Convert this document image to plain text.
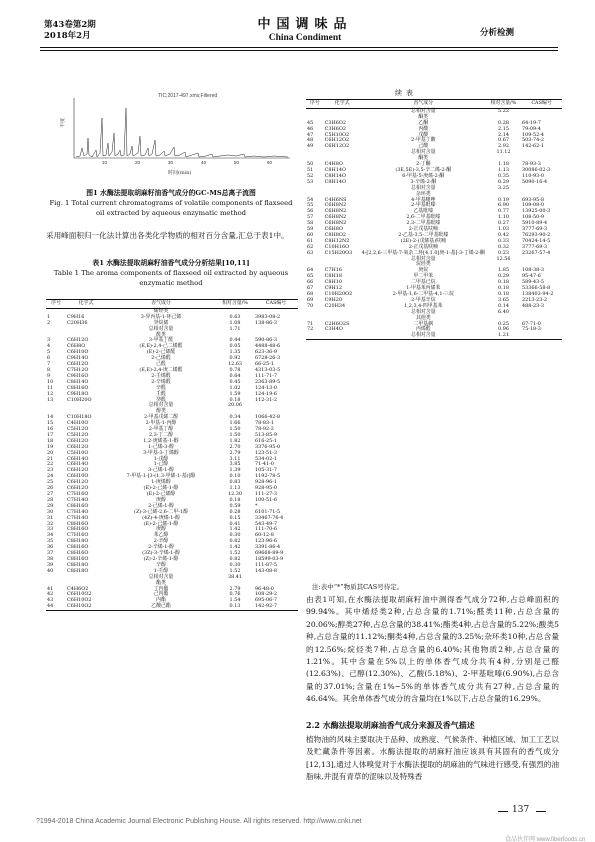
第43卷第2期
2018年2月
中国调味品
China Condiment	分析检测
TIC;2017-497.xms;Filtered
丰度
10	20	30	40	50	60
时间(min)
图1 水酶法提取胡麻籽油香气成分的GC-MS总离子流图
Fig. 1 Total current chromatograms of volatile components of flaxseed oil extracted by aqueous enzymatic method
采用峰面积归一化法计算出各类化学物质的相对百分含量,汇总于表1中。
表1 水酶法提取胡麻籽油香气成分分析结果[10,11]
Table 1 The aroma components of flaxseed oil extracted by aqueous enzymatic method
序号	化学式	香气成分	相对含量/%	CAS编号
		烯烃类		
1	C9H16	3-异丙基-1-环己烯	0.63	3983-08-2
2	C20H36	癸烷烯	1.08	138-86-3
		总相对含量	1.71	
		醛类		
3	C6H12O	3-甲基丁醛	0.44	590-86-3
4	C6H8O	(E,E)-2,4-己二烯醛	0.05	4488-48-6
5	C6H10O	(E)-2-己烯醛	1.35	623-36-9
6	C9H14O	2-己烯醛	0.92	6728-26-3
7	C6H12O	己醛	12.63	66-25-1
8	C7H12O	(E,E)-2,4-庚二烯醛	0.78	4313-03-5
9	C9H16O	2-壬烯醛	0.64	111-71-7
10	C8H14O	2-辛烯醛	0.45	2363-89-5
11	C8H16O	辛醛	1.02	124-13-0
12	C9H18O	壬醛	1.59	124-19-6
13	C10H20O	癸醛	0.18	112-31-2
		总相对含量	20.06	
		醇类		
14	C10H18O	2-甲基戊烯二醇	0.34	1066-42-8
15	C4H10O	2-甲基-1-丙醇	1.66	78-83-1
16	C5H12O	2-甲基丁醇	1.50	78-92-2
17	C5H12O	2,3-丁二醇	1.50	513-85-9
18	C6H12O	1,2-庚烯基-1-醇	1.82	616-25-1
19	C6H12O	1-己烯-3-醇	2.70	3376-95-0
20	C5H10O	3-甲基-3-丁烯醇	2.79	123-51-3
21	C6H14O	1-戊醇	3.11	534-02-1
22	C6H14O	1-己醇	3.85	71-41-0
23	C6H12O	3-己烯-1-醇	1.39	105-31-7
24	C6H10O	7-甲基-1-[3-(1,3-甲烯-1-基)]醇	0.10	1192-78-5
25	C6H12O	1-庚烯醇	0.83	928-96-1
26	C6H12O	(E)-2-己烯-1-醇	1.13	928-95-0
27	C7H16O	(E)-2-己烯醇	12.30	111-27-3
28	C7H14O	庚醇	0.18	100-51-6
29	C8H16O	2-己烯-1-醇	0.59	*
30	C7H14O	(Z)-3-己烯-2,6-二甲-1醇	0.28	6101-71-5
31	C7H14O	(4Z)-4-庚烯-1-醇	0.15	33467-76-4
32	C8H16O	(E)-2-己烯-1-醇	0.41	543-49-7
33	C8H16O	庚醇	1.42	111-70-6
34	C7H16O	苯乙醇	0.30	60-12-8
35	C8H18O	2-辛醇	0.82	123-96-6
36	C8H16O	2-辛烯-1-醇	1.42	3391-86-4
37	C8H16O	(3Z)-3-辛烯-1-醇	1.52	69668-89-9
38	C8H16O	(Z)-2-辛烯-1-醇	0.82	18599-03-9
39	C8H18O	辛醇	0.30	111-87-5
40	C8H18O	1-壬醇	1.52	143-08-8
		总相对含量	38.41	
		酯类		
41	C4H6O2	丁内酯	2.79	96-48-0
42	C6H10O2	己内酯	0.76	108-29-2
43	C6H10O2	内酯	1.54	695-06-7
44	C6H10O2	乙酸己酯	0.13	142-92-7

续表
序号	化学式	香气成分	相对含量/%	CAS编号
		总相对含量	5.22	
		酮类		
45	C3H6O2	乙酮	0.28	64-19-7
46	C3H6O2	丙酸	2.15	79-09-4
47	C5H10O2	戊酸	2.14	109-52-4
48	C6H12O2	2-甲基丁酸	0.67	503-74-2
49	C6H12O2	己酸	2.92	142-62-1
		总相对含量	11.12	
		酮类		
50	C4H8O	2-丁酮	1.18	78-93-3
51	C8H14O	(3E,5E)-3,5-辛二烯-2-酮	1.13	30086-02-3
52	C8H14O	6-甲基-5-庚烯-2-酮	0.35	110-93-0
53	C8H14O	3-辛烯-2-酮	0.29	5090-16-4
		总相对含量	3.25	
		杂环类		
54	C4H6NS	4-甲基噻唑	0.19	693-95-8
55	C6H8N2	2-甲基吡嗪	6.90	109-08-0
56	C6H8N2	乙基吡嗪	0.77	13925-00-3
57	C6H8N2	2,6-二甲基吡嗪	1.10	108-50-9
58	C6H8N2	2,3-二甲基吡嗪	0.27	5910-89-4
59	C6H8O	2-正戊基呋喃	1.03	3777-69-3
60	C8H8O2	2-乙基-3,5-二甲基吡嗪	0.42	76293-90-2
61	C8H12N2	(2E)-2-(戊烯基)呋喃	0.33	70424-14-5
62	C10H16O	2-正戊基呋喃	0.32	3777-69-3
63	C15H20O3	4-[2,2,6-三甲基-7-氧杂二环[4.1.0]庚-1-基]-3-丁烯-2-酮	0.23	23267-57-4
		总相对含量	12.56	
		烷烃类		
64	C7H16	庚烷	1.85	108-38-3
65	C8H18	甲二甲苯	0.29	95-47-6
66	C8H10	二甲基已烷	0.18	589-43-5
67	C9H12	1-甲基苯丙烯苯	0.18	53366-58-8
68	C10H20O2	2-甲基-1,6-二甲基-4,1-三烷	0.18	138403-94-2
69	C9H20	2-甲基辛烷	3.65	2213-23-2
70	C20H34	1,2,3,4-四甲基苯	0.14	488-23-3
		总相对含量	6.40	
		其他类		
71	C2H6O2S	二甲基砜	0.25	67-71-0
72	C3H4O	丙烯醛	0.96	75-18-3
		总相对含量	1.21	

注:表中“*”物质其CAS号待定。
由表1可知,在水酶法提取胡麻籽油中测得香气成分72种,占总峰面积的99.94%。其中烯烃类2种,占总含量的1.71%;醛类11种,占总含量的20.06%;醇类27种,占总含量的38.41%;酯类4种,占总含量的5.22%;酸类5种,占总含量的11.12%;酮类4种,占总含量的3.25%;杂环类10种,占总含量的12.56%;烷烃类7种,占总含量的6.40%;其他物质2种,占总含量的1.21%。其中含量在5%以上的单体香气成分共有4种,分别是己醛(12.63%)、己醇(12.30%)、乙酸(5.18%)、2-甲基吡嗪(6.90%),占总含量的37.01%;含量在1%~5%的单体香气成分共有27种,占总含量的46.64%。其余单体香气成分的含量均在1%以下,占总含量的16.29%。
2.2 水酶法提取胡麻油香气成分来源及香气描述
植物油的风味主要取决于品种、成熟度、气候条件、种植区域、加工工艺以及贮藏条件等因素。水酶法提取的胡麻籽油应该具有其固有的香气成分[12,13],通过人体嗅觉对于水酶法提取的胡麻油的气味进行感受,有强烈的油脂味,并混有青草的涩味以及特殊香
137
?1994-2018 China Academic Journal Electronic Publishing House. All rights reserved. http://www.cnki.net
食品伙伴网 www.fiberfoods.cn
